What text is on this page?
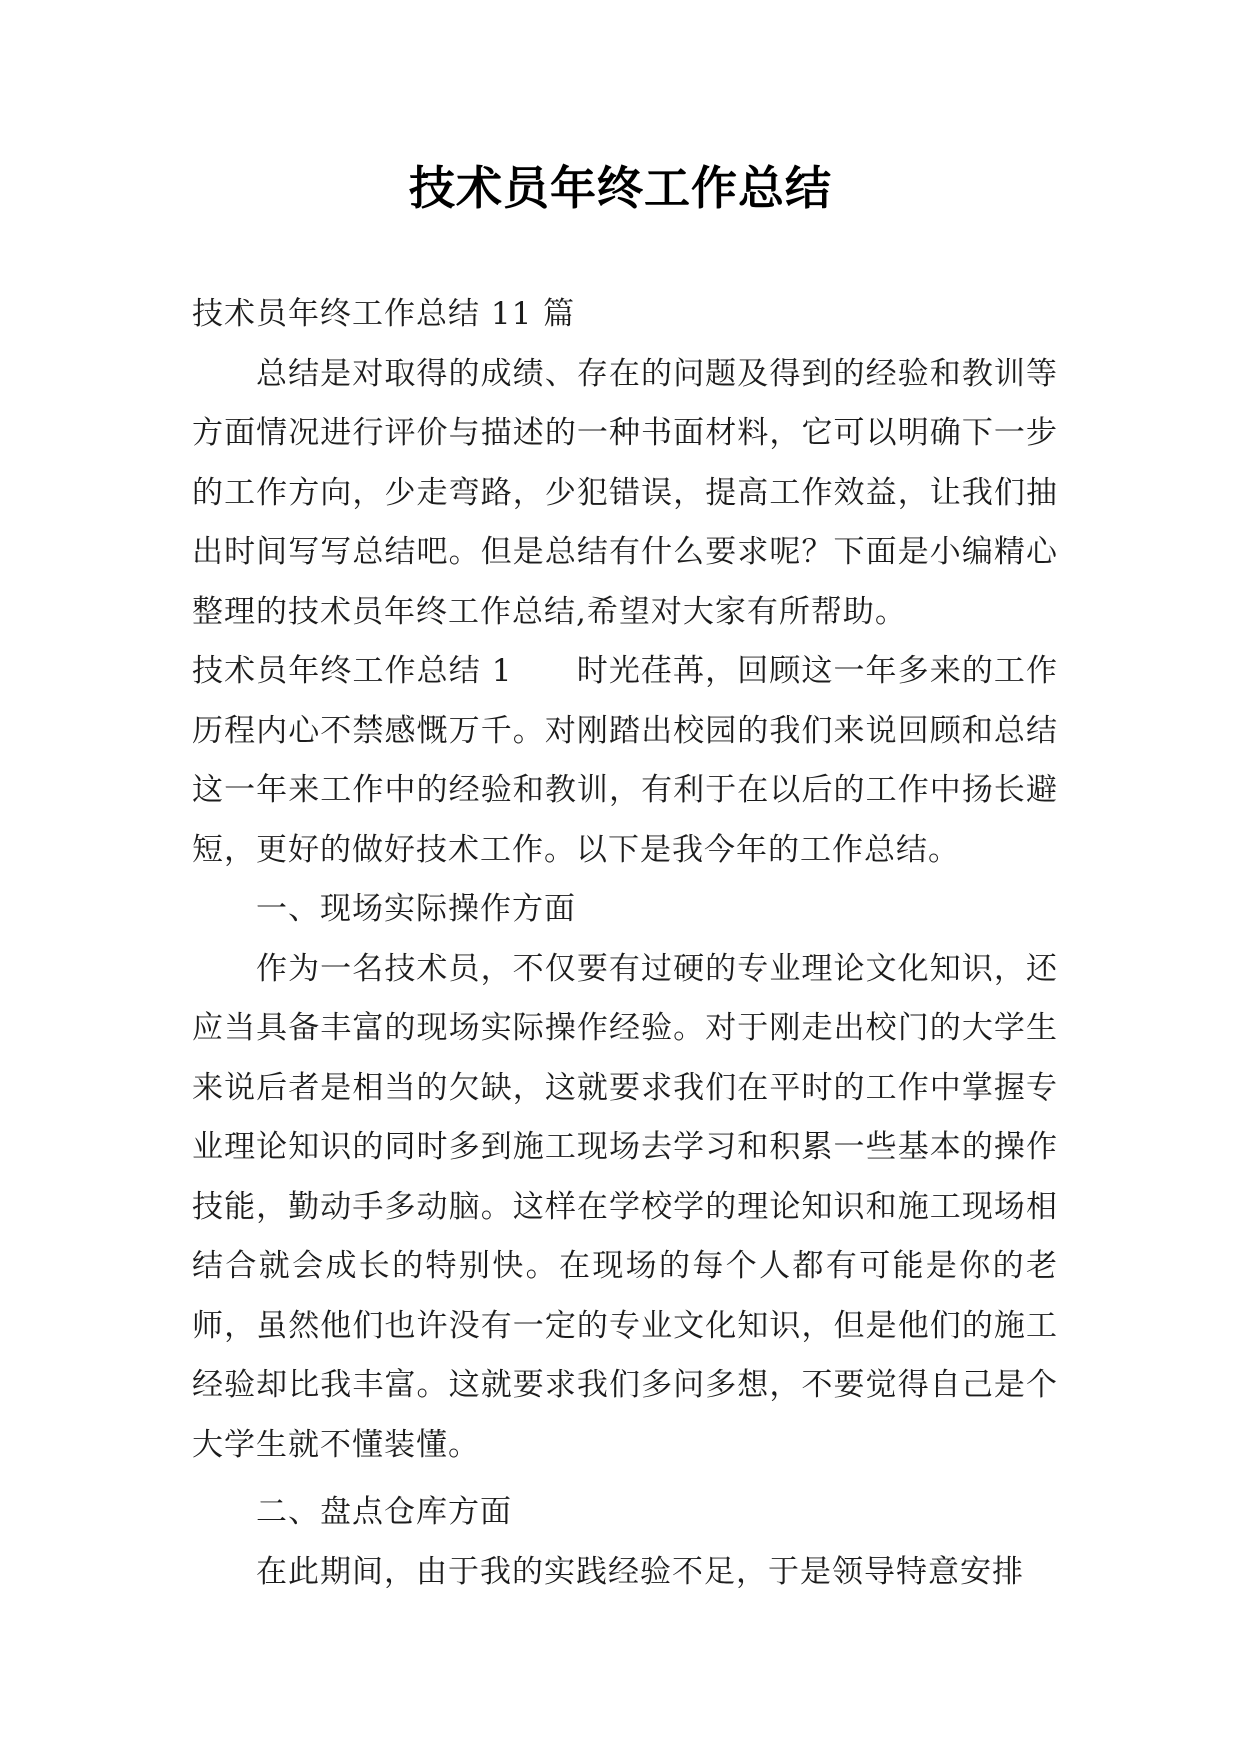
技术员年终工作总结

技术员年终工作总结 11 篇

总结是对取得的成绩、存在的问题及得到的经验和教训等方面情况进行评价与描述的一种书面材料，它可以明确下一步的工作方向，少走弯路，少犯错误，提高工作效益，让我们抽出时间写写总结吧。但是总结有什么要求呢？下面是小编精心整理的技术员年终工作总结,希望对大家有所帮助。

技术员年终工作总结 1　　时光荏苒，回顾这一年多来的工作历程内心不禁感慨万千。对刚踏出校园的我们来说回顾和总结这一年来工作中的经验和教训，有利于在以后的工作中扬长避短，更好的做好技术工作。以下是我今年的工作总结。

一、现场实际操作方面

作为一名技术员，不仅要有过硬的专业理论文化知识，还应当具备丰富的现场实际操作经验。对于刚走出校门的大学生来说后者是相当的欠缺，这就要求我们在平时的工作中掌握专业理论知识的同时多到施工现场去学习和积累一些基本的操作技能，勤动手多动脑。这样在学校学的理论知识和施工现场相结合就会成长的特别快。在现场的每个人都有可能是你的老师，虽然他们也许没有一定的专业文化知识，但是他们的施工经验却比我丰富。这就要求我们多问多想，不要觉得自己是个大学生就不懂装懂。

二、盘点仓库方面

在此期间，由于我的实践经验不足，于是领导特意安排
